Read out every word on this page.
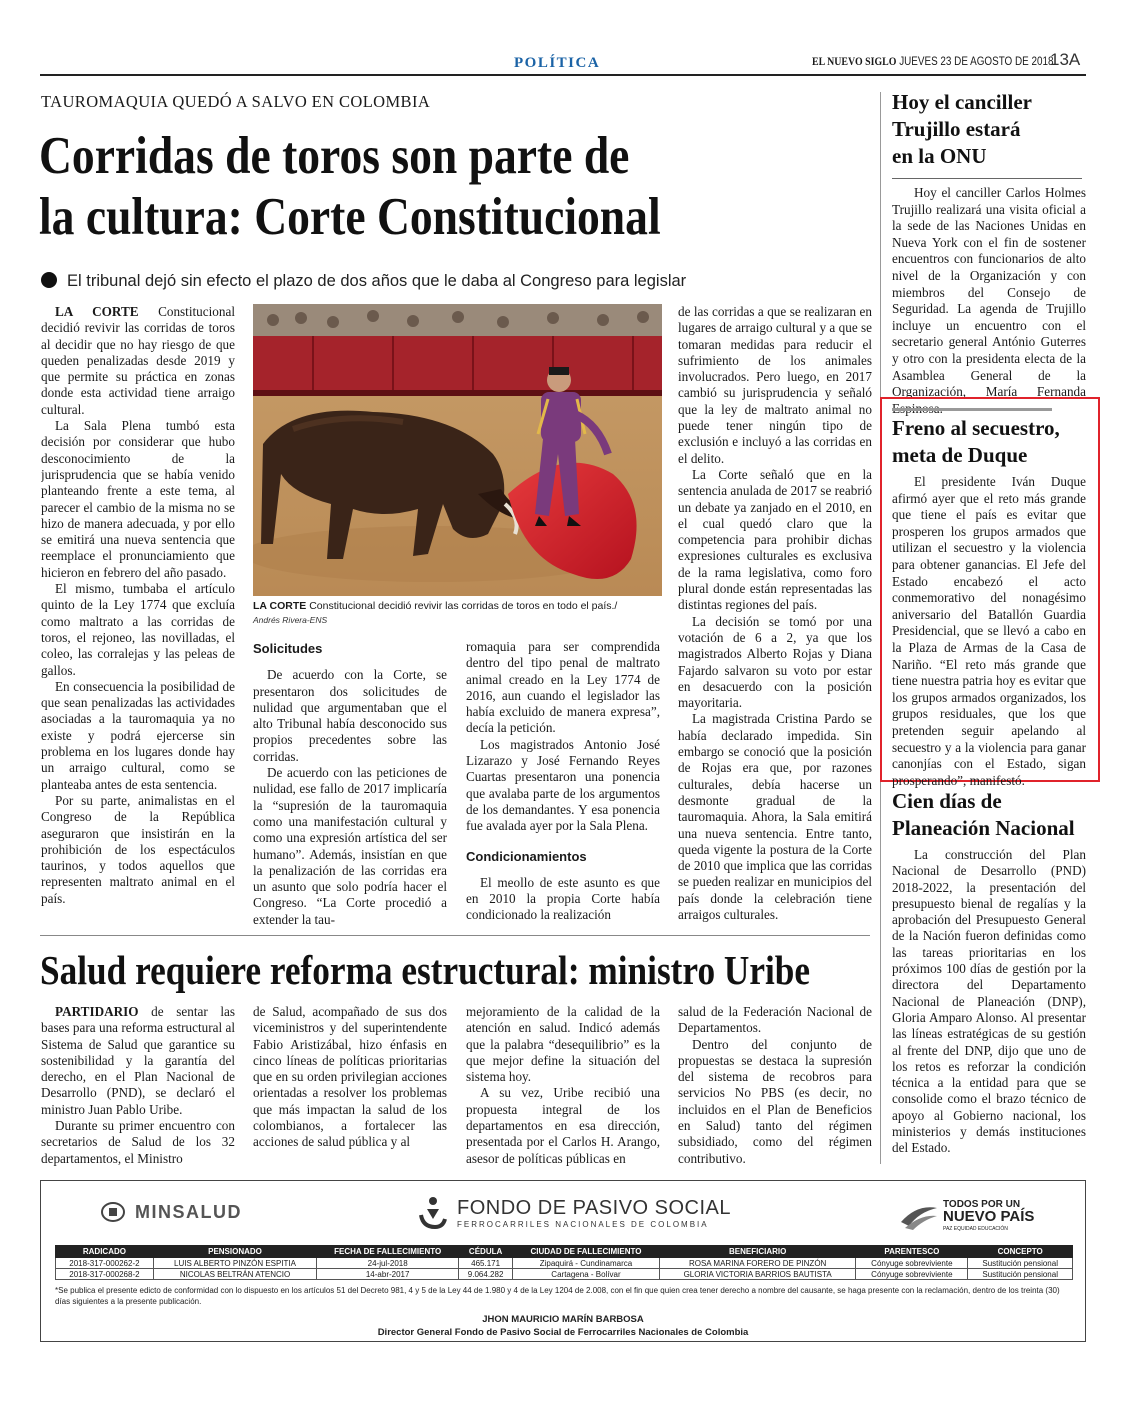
POLÍTICA	EL NUEVO SIGLO JUEVES 23 DE AGOSTO DE 2018
13A
TAUROMAQUIA QUEDÓ A SALVO EN COLOMBIA
Corridas de toros son parte de
la cultura: Corte Constitucional
El tribunal dejó sin efecto el plazo de dos años que le daba al Congreso para legislar

LA CORTE Constitucional decidió revivir las corridas de toros al decidir que no hay riesgo de que queden penalizadas desde 2019 y que permite su práctica en zonas donde esta actividad tiene arraigo cultural.

La Sala Plena tumbó esta decisión por considerar que hubo desconocimiento de la jurisprudencia que se había venido planteando frente a este tema, al parecer el cambio de la misma no se hizo de manera adecuada, y por ello se emitirá una nueva sentencia que reemplace el pronunciamiento que hicieron en febrero del año pasado.

El mismo, tumbaba el artículo quinto de la Ley 1774 que excluía como maltrato a las corridas de toros, el rejoneo, las novilladas, el coleo, las corralejas y las peleas de gallos.

En consecuencia la posibilidad de que sean penalizadas las actividades asociadas a la tauromaquia ya no existe y podrá ejercerse sin problema en los lugares donde hay un arraigo cultural, como se planteaba antes de esta sentencia.

Por su parte, animalistas en el Congreso de la República aseguraron que insistirán en la prohibición de los espectáculos taurinos, y todos aquellos que representen maltrato animal en el país.

LA CORTE Constitucional decidió revivir las corridas de toros en todo el país./
Andrés Rivera-ENS
Solicitudes

De acuerdo con la Corte, se presentaron dos solicitudes de nulidad que argumentaban que el alto Tribunal había desconocido sus propios precedentes sobre las corridas.

De acuerdo con las peticiones de nulidad, ese fallo de 2017 implicaría la “supresión de la tauromaquia como una manifestación cultural y como una expresión artística del ser humano”. Además, insistían en que la penalización de las corridas era un asunto que solo podría hacer el Congreso. “La Corte procedió a extender la tau-

romaquia para ser comprendida dentro del tipo penal de maltrato animal creado en la Ley 1774 de 2016, aun cuando el legislador las había excluido de manera expresa”, decía la petición.

Los magistrados Antonio José Lizarazo y José Fernando Reyes Cuartas presentaron una ponencia que avalaba parte de los argumentos de los demandantes. Y esa ponencia fue avalada ayer por la Sala Plena.

Condicionamientos

El meollo de este asunto es que en 2010 la propia Corte había condicionado la realización

de las corridas a que se realizaran en lugares de arraigo cultural y a que se tomaran medidas para reducir el sufrimiento de los animales involucrados. Pero luego, en 2017 cambió su jurisprudencia y señaló que la ley de maltrato animal no puede tener ningún tipo de exclusión e incluyó a las corridas en el delito.

La Corte señaló que en la sentencia anulada de 2017 se reabrió un debate ya zanjado en el 2010, en el cual quedó claro que la competencia para prohibir dichas expresiones culturales es exclusiva de la rama legislativa, como foro plural donde están representadas las distintas regiones del país.

La decisión se tomó por una votación de 6 a 2, ya que los magistrados Alberto Rojas y Diana Fajardo salvaron su voto por estar en desacuerdo con la posición mayoritaria.

La magistrada Cristina Pardo se había declarado impedida. Sin embargo se conoció que la posición de Rojas era que, por razones culturales, debía hacerse un desmonte gradual de la tauromaquia. Ahora, la Sala emitirá una nueva sentencia. Entre tanto, queda vigente la postura de la Corte de 2010 que implica que las corridas se pueden realizar en municipios del país donde la celebración tiene arraigos culturales.

Salud requiere reforma estructural: ministro Uribe

PARTIDARIO de sentar las bases para una reforma estructural al Sistema de Salud que garantice su sostenibilidad y la garantía del derecho, en el Plan Nacional de Desarrollo (PND), se declaró el ministro Juan Pablo Uribe.

Durante su primer encuentro con secretarios de Salud de los 32 departamentos, el Ministro

de Salud, acompañado de sus dos viceministros y del superintendente Fabio Aristizábal, hizo énfasis en cinco líneas de políticas prioritarias que en su orden privilegian acciones orientadas a resolver los problemas que más impactan la salud de los colombianos, a fortalecer las acciones de salud pública y al

mejoramiento de la calidad de la atención en salud. Indicó además que la palabra “desequilibrio” es la que mejor define la situación del sistema hoy.

A su vez, Uribe recibió una propuesta integral de los departamentos en esa dirección, presentada por el Carlos H. Arango, asesor de políticas públicas en

salud de la Federación Nacional de Departamentos.

Dentro del conjunto de propuestas se destaca la supresión del sistema de recobros para servicios No PBS (es decir, no incluidos en el Plan de Beneficios en Salud) tanto del régimen subsidiado, como del régimen contributivo.

Hoy el canciller
Trujillo estará
en la ONU

Hoy el canciller Carlos Holmes Trujillo realizará una visita oficial a la sede de las Naciones Unidas en Nueva York con el fin de sostener encuentros con funcionarios de alto nivel de la Organización y con miembros del Consejo de Seguridad. La agenda de Trujillo incluye un encuentro con el secretario general António Guterres y otro con la presidenta electa de la Asamblea General de la Organización, María Fernanda

Freno al secuestro,
meta de Duque

El presidente Iván Duque afirmó ayer que el reto más grande que tiene el país es evitar que prosperen los grupos armados que utilizan el secuestro y la violencia para obtener ganancias. El Jefe del Estado encabezó el acto conmemorativo del nonagésimo aniversario del Batallón Guardia Presidencial, que se llevó a cabo en la Plaza de Armas de la Casa de Nariño. “El reto más grande que tiene nuestra patria hoy es evitar que los grupos armados organizados, los grupos residuales, que los que pretenden seguir apelando al secuestro y a la violencia para ganar canonjías con el Estado, sigan prosperando”, manifestó.

Cien días de
Planeación Nacional

La construcción del Plan Nacional de Desarrollo (PND) 2018-2022, la presentación del presupuesto bienal de regalías y la aprobación del Presupuesto General de la Nación fueron definidas como las tareas prioritarias en los próximos 100 días de gestión por la directora del Departamento Nacional de Planeación (DNP), Gloria Amparo Alonso. Al presentar las líneas estratégicas de su gestión al frente del DNP, dijo que uno de los retos es reforzar la condición técnica a la entidad para que se consolide como el brazo técnico de apoyo al Gobierno nacional, los ministerios y demás instituciones del Estado.

MINSALUD	FONDO DE PASIVO SOCIAL
FERROCARRILES NACIONALES DE COLOMBIA
TODOS POR UN
NUEVO PAÍS
PAZ EQUIDAD EDUCACIÓN
RADICADO	PENSIONADO	FECHA DE FALLECIMIENTO	CÉDULA	CIUDAD DE FALLECIMIENTO	BENEFICIARIO	PARENTESCO	CONCEPTO
2018-317-000262-2	LUIS ALBERTO PINZÓN ESPITIA	24-jul-2018	465.171	Zipaquirá - Cundinamarca	ROSA MARINA FORERO DE PINZÓN	Cónyuge sobreviviente	Sustitución pensional
2018-317-000268-2	NICOLAS BELTRÁN ATENCIO	14-abr-2017	9.064.282	Cartagena - Bolívar	GLORIA VICTORIA BARRIOS BAUTISTA	Cónyuge sobreviviente	Sustitución pensional
*Se publica el presente edicto de conformidad con lo dispuesto en los artículos 51 del Decreto 981, 4 y 5 de la Ley 44 de 1.980 y 4 de la Ley 1204 de 2.008, con el fin que quien crea tener derecho a nombre del causante, se haga presente con la reclamación, dentro de los treinta (30) días siguientes a la presente publicación.
JHON MAURICIO MARÍN BARBOSA
Director General Fondo de Pasivo Social de Ferrocarriles Nacionales de Colombia
